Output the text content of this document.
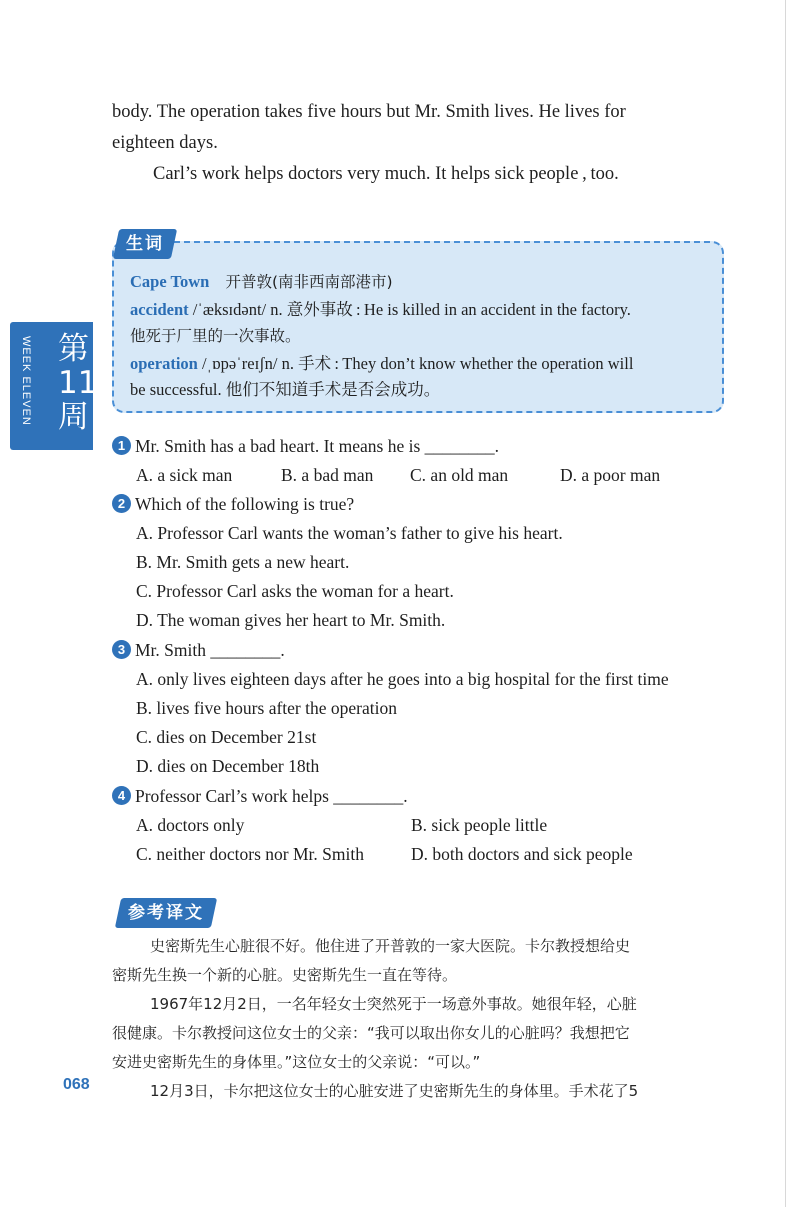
body. The operation takes five hours but Mr. Smith lives. He lives for
eighteen days.
Carl’s work helps doctors very much. It helps sick people , too.
WEEK ELEVEN 第11周
Cape Town 开普敦(南非西南部港市)
accident /ˈæksɪdənt/ n. 意外事故 : He is killed in an accident in the factory.
他死于厂里的一次事故。
operation /ˌɒpəˈreɪʃn/ n. 手术 : They don’t know whether the operation will
be successful. 他们不知道手术是否会成功。
生词
1 Mr. Smith has a bad heart. It means he is ________.
A. a sick man	B. a bad man C. an old man	D. a poor man
2 Which of the following is true?
A. Professor Carl wants the woman’s father to give his heart.
B. Mr. Smith gets a new heart.
C. Professor Carl asks the woman for a heart.
D. The woman gives her heart to Mr. Smith.
3 Mr. Smith ________.
A. only lives eighteen days after he goes into a big hospital for the first time
B. lives five hours after the operation
C. dies on December 21st
D. dies on December 18th
4 Professor Carl’s work helps ________.
A. doctors only	B. sick people little
C. neither doctors nor Mr. Smith	D. both doctors and sick people
参考译文
史密斯先生心脏很不好。他住进了开普敦的一家大医院。卡尔教授想给史
密斯先生换一个新的心脏。史密斯先生一直在等待。
1967年12月2日，一名年轻女士突然死于一场意外事故。她很年轻，心脏
很健康。卡尔教授问这位女士的父亲：“我可以取出你女儿的心脏吗？我想把它
安进史密斯先生的身体里。”这位女士的父亲说：“可以。”
12月3日，卡尔把这位女士的心脏安进了史密斯先生的身体里。手术花了5
068
